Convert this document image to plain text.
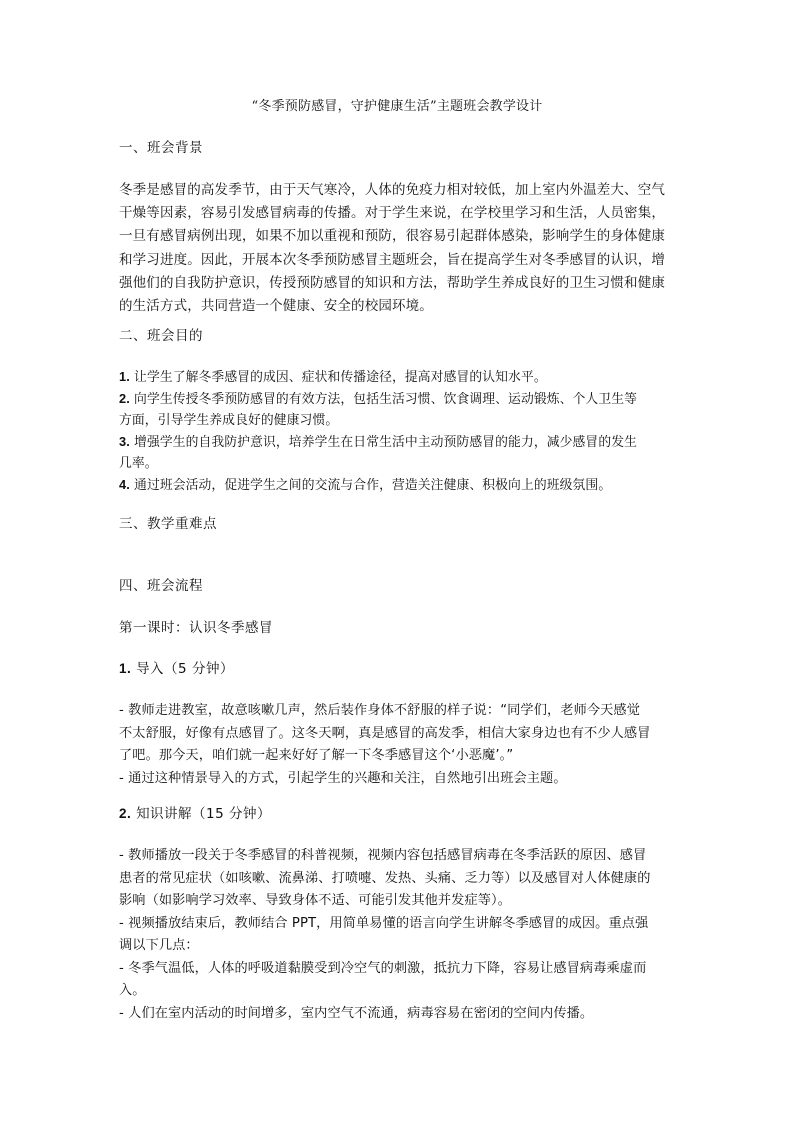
“冬季预防感冒，守护健康生活”主题班会教学设计
一、班会背景
冬季是感冒的高发季节，由于天气寒冷，人体的免疫力相对较低，加上室内外温差大、空气
干燥等因素，容易引发感冒病毒的传播。对于学生来说，在学校里学习和生活，人员密集，
一旦有感冒病例出现，如果不加以重视和预防，很容易引起群体感染，影响学生的身体健康
和学习进度。因此，开展本次冬季预防感冒主题班会，旨在提高学生对冬季感冒的认识，增
强他们的自我防护意识，传授预防感冒的知识和方法，帮助学生养成良好的卫生习惯和健康
的生活方式，共同营造一个健康、安全的校园环境。
二、班会目的
1. 让学生了解冬季感冒的成因、症状和传播途径，提高对感冒的认知水平。
2. 向学生传授冬季预防感冒的有效方法，包括生活习惯、饮食调理、运动锻炼、个人卫生等
方面，引导学生养成良好的健康习惯。
3. 增强学生的自我防护意识，培养学生在日常生活中主动预防感冒的能力，减少感冒的发生
几率。
4. 通过班会活动，促进学生之间的交流与合作，营造关注健康、积极向上的班级氛围。
三、教学重难点
四、班会流程
第一课时：认识冬季感冒
1. 导入（5 分钟）
- 教师走进教室，故意咳嗽几声，然后装作身体不舒服的样子说：“同学们，老师今天感觉
不太舒服，好像有点感冒了。这冬天啊，真是感冒的高发季，相信大家身边也有不少人感冒
了吧。那今天，咱们就一起来好好了解一下冬季感冒这个‘小恶魔’。”
- 通过这种情景导入的方式，引起学生的兴趣和关注，自然地引出班会主题。
2. 知识讲解（15 分钟）
- 教师播放一段关于冬季感冒的科普视频，视频内容包括感冒病毒在冬季活跃的原因、感冒
患者的常见症状（如咳嗽、流鼻涕、打喷嚏、发热、头痛、乏力等）以及感冒对人体健康的
影响（如影响学习效率、导致身体不适、可能引发其他并发症等）。
- 视频播放结束后，教师结合 PPT，用简单易懂的语言向学生讲解冬季感冒的成因。重点强
调以下几点：
- 冬季气温低，人体的呼吸道黏膜受到冷空气的刺激，抵抗力下降，容易让感冒病毒乘虚而
入。
- 人们在室内活动的时间增多，室内空气不流通，病毒容易在密闭的空间内传播。
